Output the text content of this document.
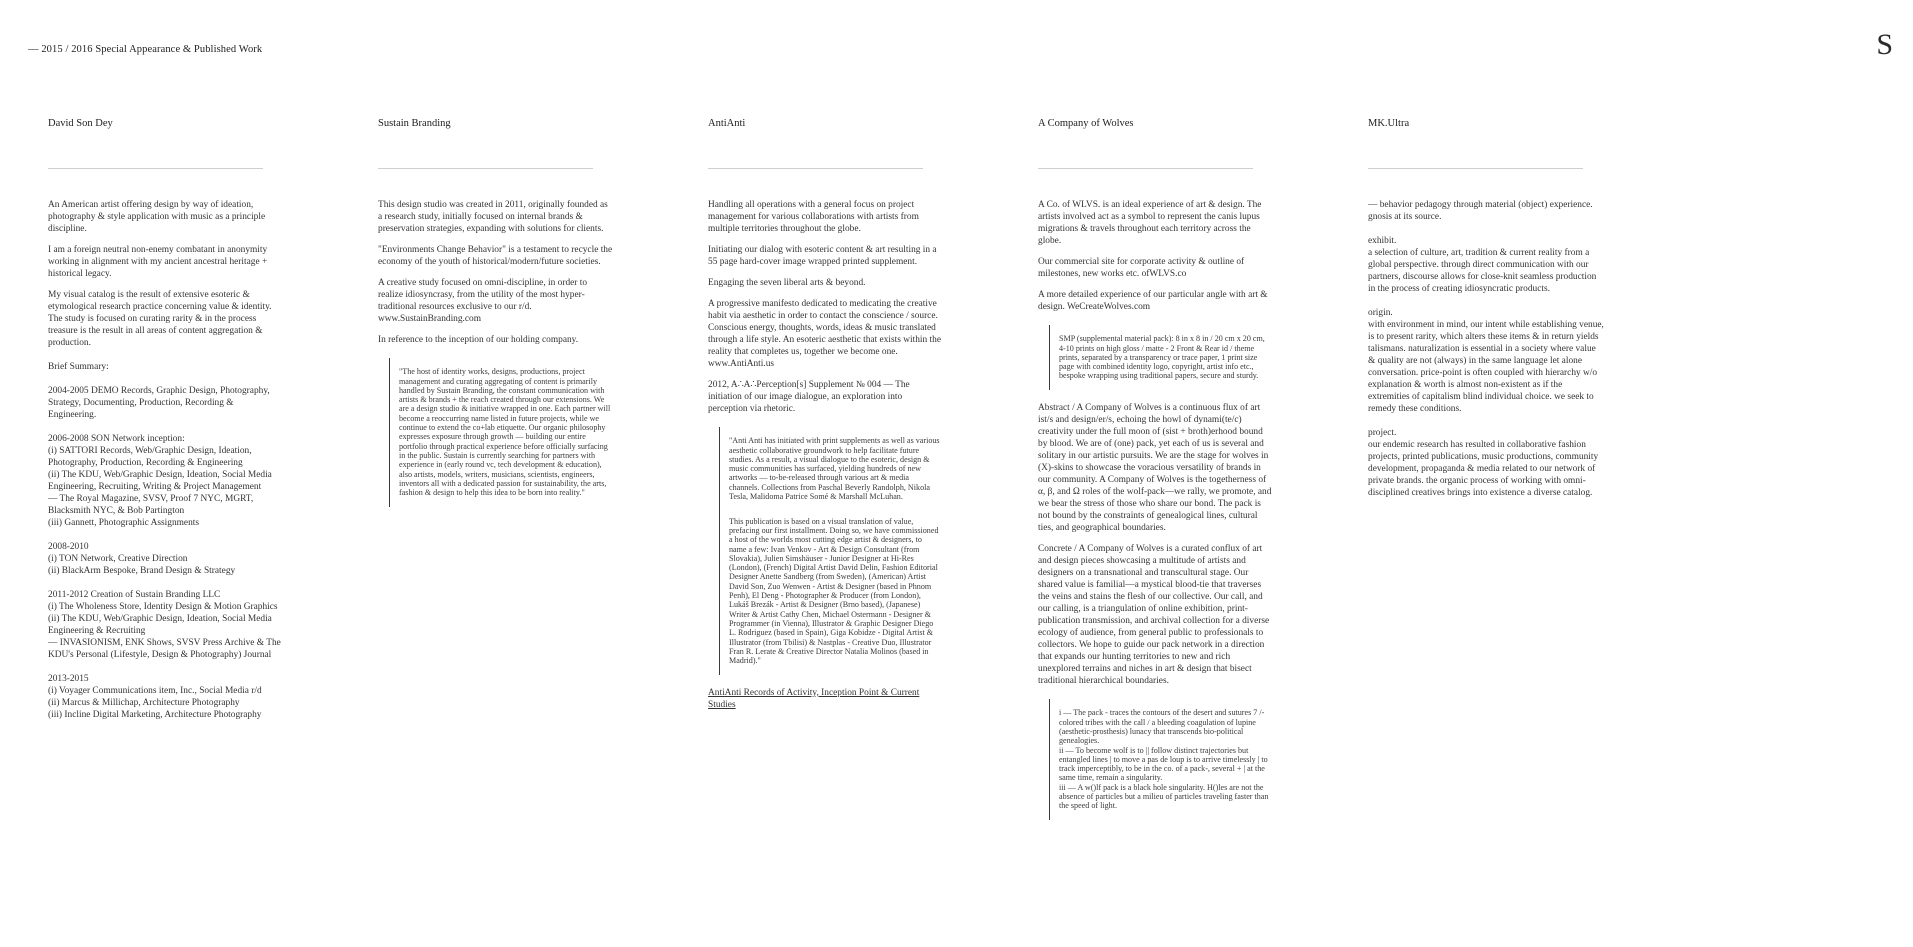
— 2015 / 2016 Special Appearance & Published Work	S
David Son Dey

An American artist offering design by way of ideation, photography & style application with music as a principle discipline.

I am a foreign neutral non-enemy combatant in anonymity working in alignment with my ancient ancestral heritage + historical legacy.

My visual catalog is the result of extensive esoteric & etymological research practice concerning value & identity. The study is focused on curating rarity & in the process treasure is the result in all areas of content aggregation & production.

Brief Summary:

2004-2005 DEMO Records, Graphic Design, Photography, Strategy, Documenting, Production, Recording & Engineering.

2006-2008 SON Network inception:
(i) SATTORI Records, Web/Graphic Design, Ideation, Photography, Production, Recording & Engineering
(ii) The KDU, Web/Graphic Design, Ideation, Social Media Engineering, Recruiting, Writing & Project Management
— The Royal Magazine, SVSV, Proof 7 NYC, MGRT, Blacksmith NYC, & Bob Partington
(iii) Gannett, Photographic Assignments

2008-2010
(i) TON Network, Creative Direction
(ii) BlackArm Bespoke, Brand Design & Strategy

2011-2012 Creation of Sustain Branding LLC
(i) The Wholeness Store, Identity Design & Motion Graphics
(ii) The KDU, Web/Graphic Design, Ideation, Social Media Engineering & Recruiting
— INVASIONISM, ENK Shows, SVSV Press Archive & The KDU's Personal (Lifestyle, Design & Photography) Journal

2013-2015
(i) Voyager Communications item, Inc., Social Media r/d
(ii) Marcus & Millichap, Architecture Photography
(iii) Incline Digital Marketing, Architecture Photography

Sustain Branding

This design studio was created in 2011, originally founded as a research study, initially focused on internal brands & preservation strategies, expanding with solutions for clients.

"Environments Change Behavior" is a testament to recycle the economy of the youth of historical/modern/future societies.

A creative study focused on omni-discipline, in order to realize idiosyncrasy, from the utility of the most hyper-traditional resources exclusive to our r/d.
www.SustainBranding.com

In reference to the inception of our holding company.

"The host of identity works, designs, productions, project management and curating aggregating of content is primarily handled by Sustain Branding, the constant communication with artists & brands + the reach created through our extensions. We are a design studio & initiative wrapped in one. Each partner will become a reoccurring name listed in future projects, while we continue to extend the co+lab etiquette. Our organic philosophy expresses exposure through growth — building our entire portfolio through practical experience before officially surfacing in the public. Sustain is currently searching for partners with experience in (early round vc, tech development & education), also artists, models, writers, musicians, scientists, engineers, inventors all with a dedicated passion for sustainability, the arts, fashion & design to help this idea to be born into reality."

AntiAnti

Handling all operations with a general focus on project management for various collaborations with artists from multiple territories throughout the globe.

Initiating our dialog with esoteric content & art resulting in a 55 page hard-cover image wrapped printed supplement.

Engaging the seven liberal arts & beyond.

A progressive manifesto dedicated to medicating the creative habit via aesthetic in order to contact the conscience / source. Conscious energy, thoughts, words, ideas & music translated through a life style. An esoteric aesthetic that exists within the reality that completes us, together we become one.
www.AntiAnti.us

2012, A∴A∴Perception[s] Supplement № 004 — The initiation of our image dialogue, an exploration into perception via rhetoric.

"Anti Anti has initiated with print supplements as well as various aesthetic collaborative groundwork to help facilitate future studies. As a result, a visual dialogue to the esoteric, design & music communities has surfaced, yielding hundreds of new artworks — to-be-released through various art & media channels. Collections from Paschal Beverly Randolph, Nikola Tesla, Malidoma Patrice Somé & Marshall McLuhan.

This publication is based on a visual translation of value, prefacing our first installment. Doing so, we have commissioned a host of the worlds most cutting edge artist & designers, to name a few: Ivan Venkov - Art & Design Consultant (from Slovakia), Julien Simshäuser - Junior Designer at Hi-Res (London), (French) Digital Artist David Delin, Fashion Editorial Designer Anette Sandberg (from Sweden), (American) Artist David Son, Zuo Wenwen - Artist & Designer (based in Phnom Penh), El Deng - Photographer & Producer (from London), Lukáš Brezák - Artist & Designer (Brno based), (Japanese) Writer & Artist Cathy Chen, Michael Ostermann - Designer & Programmer (in Vienna), Illustrator & Graphic Designer Diego L. Rodriguez (based in Spain), Giga Kobidze - Digital Artist & Illustrator (from Tbilisi) & Nastplas - Creative Duo, Illustrator Fran R. Lerate & Creative Director Natalia Molinos (based in Madrid)."

AntiAnti Records of Activity, Inception Point & Current Studies
A Company of Wolves

A Co. of WLVS. is an ideal experience of art & design. The artists involved act as a symbol to represent the canis lupus migrations & travels throughout each territory across the globe.

Our commercial site for corporate activity & outline of milestones, new works etc. ofWLVS.co

A more detailed experience of our particular angle with art & design. WeCreateWolves.com

SMP (supplemental material pack): 8 in x 8 in / 20 cm x 20 cm, 4-10 prints on high gloss / matte - 2 Front & Rear id / theme prints, separated by a transparency or trace paper, 1 print size page with combined identity logo, copyright, artist info etc., bespoke wrapping using traditional papers, secure and sturdy.

Abstract / A Company of Wolves is a continuous flux of art ist/s and design/er/s, echoing the howl of dynami(te/c) creativity under the full moon of (sist + broth)erhood bound by blood. We are of (one) pack, yet each of us is several and solitary in our artistic pursuits. We are the stage for wolves in (X)-skins to showcase the voracious versatility of brands in our community. A Company of Wolves is the togetherness of α, β, and Ω roles of the wolf-pack—we rally, we promote, and we bear the stress of those who share our bond. The pack is not bound by the constraints of genealogical lines, cultural ties, and geographical boundaries.

Concrete / A Company of Wolves is a curated conflux of art and design pieces showcasing a multitude of artists and designers on a transnational and transcultural stage. Our shared value is familial—a mystical blood-tie that traverses the veins and stains the flesh of our collective. Our call, and our calling, is a triangulation of online exhibition, print-publication transmission, and archival collection for a diverse ecology of audience, from general public to professionals to collectors. We hope to guide our pack network in a direction that expands our hunting territories to new and rich unexplored terrains and niches in art & design that bisect traditional hierarchical boundaries.

i — The pack - traces the contours of the desert and sutures 7 /-colored tribes with the call / a bleeding coagulation of lupine (aesthetic-prosthesis) lunacy that transcends bio-political genealogies.
ii — To become wolf is to || follow distinct trajectories but entangled lines | to move a pas de loup is to arrive timelessly | to track imperceptibly, to be in the co. of a pack-, several + | at the same time, remain a singularity.
iii — A w()lf pack is a black hole singularity. H()les are not the absence of particles but a milieu of particles traveling faster than the speed of light.

MK.Ultra

— behavior pedagogy through material (object) experience. gnosis at its source.

exhibit.
a selection of culture, art, tradition & current reality from a global perspective. through direct communication with our partners, discourse allows for close-knit seamless production in the process of creating idiosyncratic products.

origin.
with environment in mind, our intent while establishing venue, is to present rarity, which alters these items & in return yields talismans. naturalization is essential in a society where value & quality are not (always) in the same language let alone conversation. price-point is often coupled with hierarchy w/o explanation & worth is almost non-existent as if the extremities of capitalism blind individual choice. we seek to remedy these conditions.

project.
our endemic research has resulted in collaborative fashion projects, printed publications, music productions, community development, propaganda & media related to our network of private brands. the organic process of working with omni-disciplined creatives brings into existence a diverse catalog.
